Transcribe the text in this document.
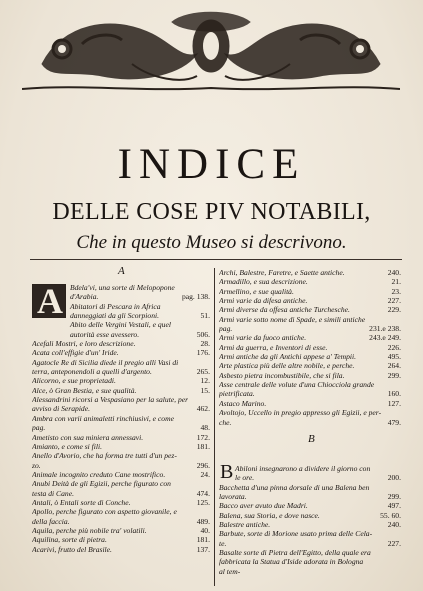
INDICE
DELLE COSE PIV NOTABILI,
Che in questo Museo si descrivono.
A
A Bdela'vi, una sorte di Melopopone
d'Arabia.	pag. 138.
Abitatori di Pescara in Africa
danneggiati da gli Scorpioni.	51.
Abito delle Vergini Vestali, e quel
autorità esse avessero.	506.
Acefali Mostri, e loro descrizione.	28.
Acata coll'effigie d'un' Iride.	176.
Agatocle Re di Sicilia diede il pregio alli Vasi di
terra, anteponendoli a quelli d'argento.	265.
Alicorno, e sue proprietadi.	12.
Alce, ò Gran Bestia, e sue qualità.	15.
Alessandrini ricorsi a Vespasiano per la salute, per
avviso di Serapide.	462.
Ambra con varii animaletti rinchiusivi, e come
pag.	48.
Ametisto con sua miniera annessavi.	172.
Amianto, e come si fili.	181.
Anello d'Avorio, che ha forma tre tutti d'un pez-
zo.	296.
Animale incognito creduto Cane mostrifico.	24.
Anubi Deità de gli Egizii, perche figurato con
testa di Cane.	474.
Antali, ò Entali sorte di Conche.	125.
Apollo, perche figurato con aspetto giovanile, e
della faccia.	489.
Aquila, perche più nobile tra' volatili.	40.
Aquilina, sorte di pietra.	181.
Acarivi, frutto del Brasile.	137.
Archi, Balestre, Faretre, e Saette antiche.	240.
Armadillo, e sua descrizione.	21.
Armellino, e sue qualità.	23.
Armi varie da difesa antiche.	227.
Armi diverse da offesa antiche Turchesche.	229.
Armi varie sotto nome di Spade, e simili antiche
pag.	231.e 238.
Armi varie da fuoco antiche.	243.e 249.
Armi da guerra, e Inventori di esse.	226.
Armi antiche da gli Antichi appese a' Tempii.	495.
Arte plastica più delle altre nobile, e perche.	264.
Asbesto pietra incombustibile, che si fila.	299.
Asse centrale delle volute d'una Chiocciola grande
pietrificata.	160.
Astaco Marino.	127.
Avoltojo, Uccello in pregio appresso gli Egizii, e per-
che.	479.
B
B Abiloni insegnarono a dividere il giorno con
le ore.	200.
Bacchetta d'una pinna dorsale di una Balena ben
lavorata.	299.
Bacco aver avuto due Madri.	497.
Balena, sua Storia, e dove nasce.	55. 60.
Balestre antiche.	240.
Barbute, sorte di Morione usato prima delle Cela-
te.	227.
Basalte sorte di Pietra dell'Egitto, della quale era
fabbricata la Statua d'Iside adorata in Bologna
al tem-
